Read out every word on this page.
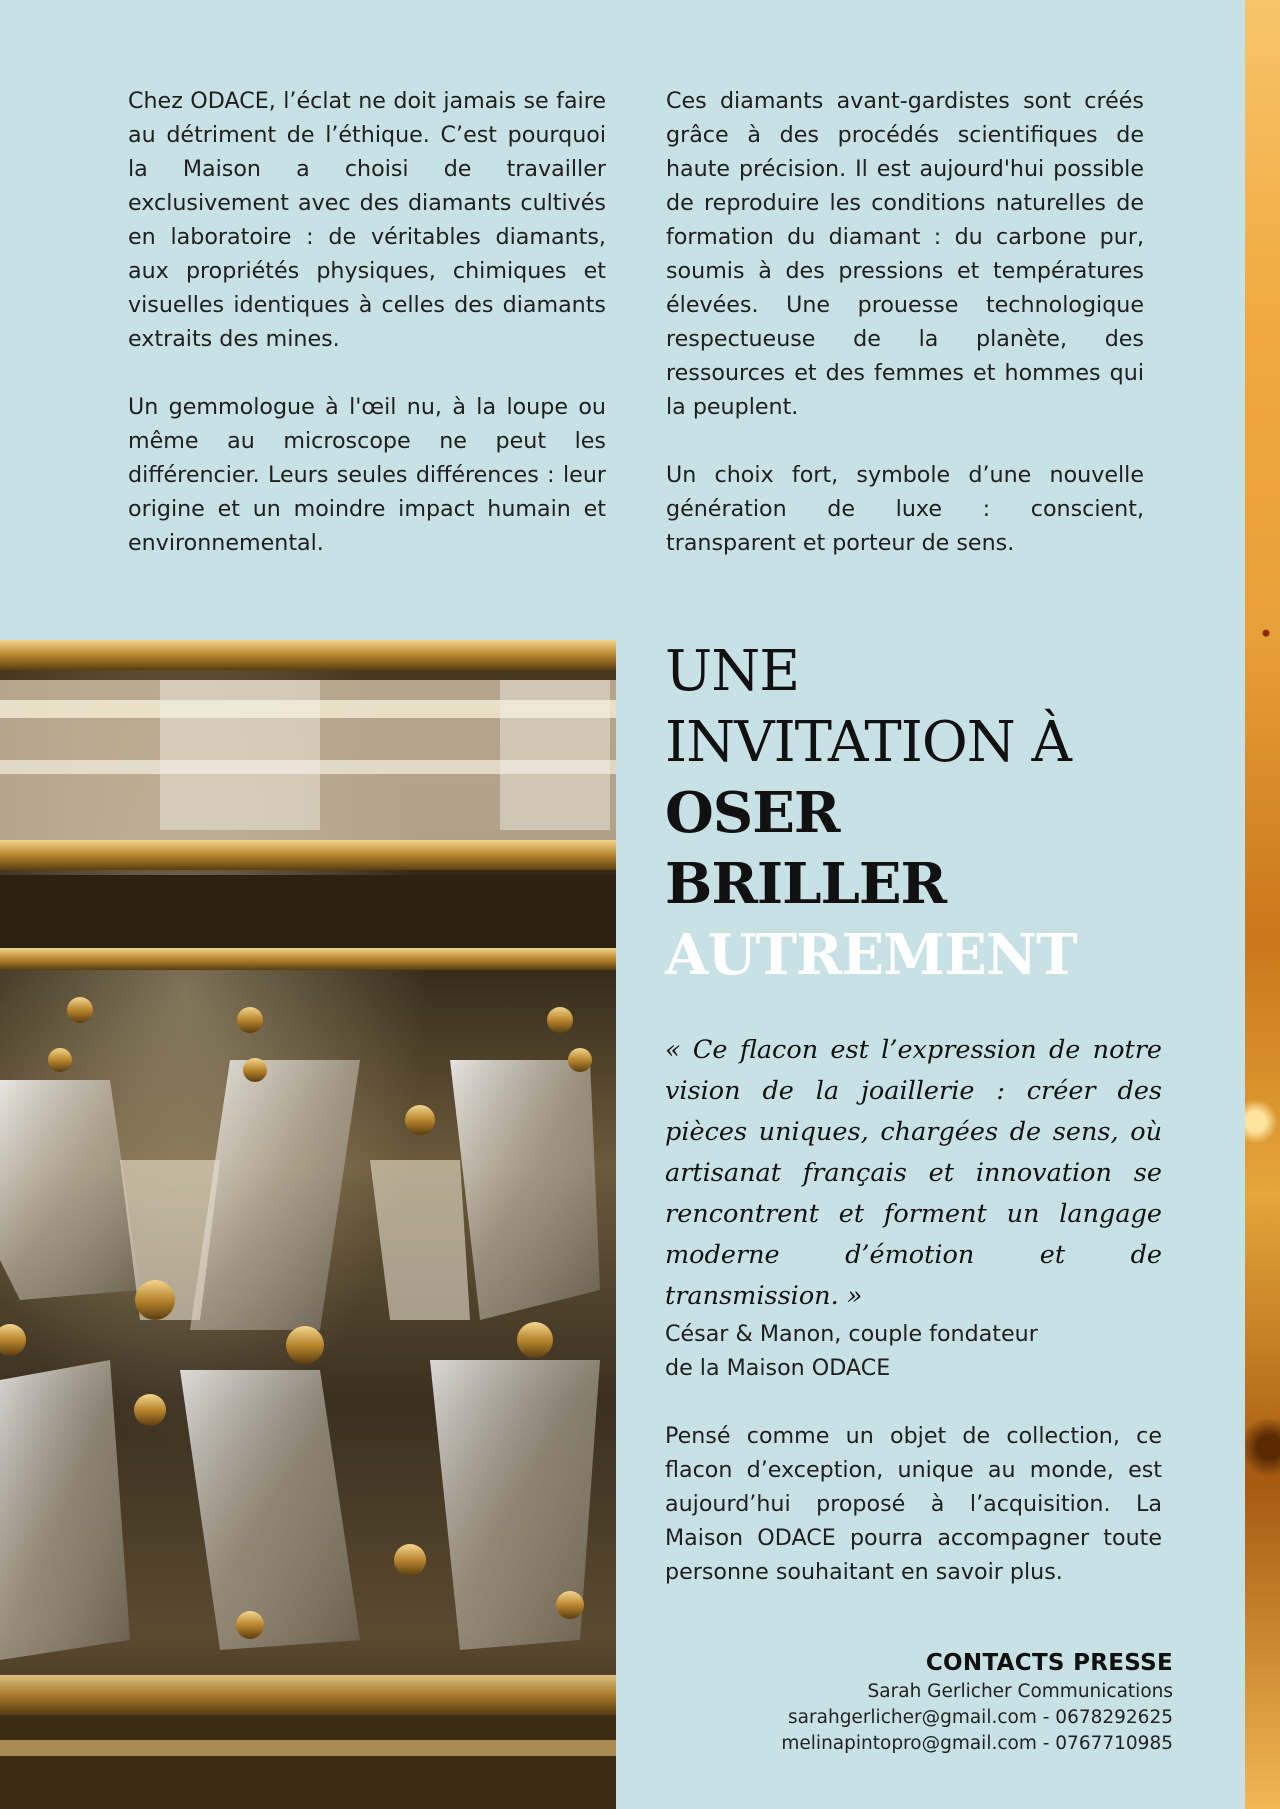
Chez ODACE, l’éclat ne doit jamais se faire au détriment de l’éthique. C’est pourquoi la Maison a choisi de travailler exclusivement avec des diamants cultivés en laboratoire : de véritables diamants, aux propriétés physiques, chimiques et visuelles identiques à celles des diamants extraits des mines.

Un gemmologue à l'œil nu, à la loupe ou même au microscope ne peut les différencier. Leurs seules différences : leur origine et un moindre impact humain et environnemental.

Ces diamants avant-gardistes sont créés grâce à des procédés scientifiques de haute précision. Il est aujourd'hui possible de reproduire les conditions naturelles de formation du diamant : du carbone pur, soumis à des pressions et températures élevées. Une prouesse technologique respectueuse de la planète, des ressources et des femmes et hommes qui la peuplent.

Un choix fort, symbole d’une nouvelle génération de luxe : conscient, transparent et porteur de sens.

UNE
INVITATION À
OSER
BRILLER
AUTREMENT
« Ce flacon est l’expression de notre vision de la joaillerie : créer des pièces uniques, chargées de sens, où artisanat français et innovation se rencontrent et forment un langage moderne d’émotion et de transmission. »
César & Manon, couple fondateur
de la Maison ODACE
Pensé comme un objet de collection, ce flacon d’exception, unique au monde, est aujourd’hui proposé à l’acquisition. La Maison ODACE pourra accompagner toute personne souhaitant en savoir plus.
CONTACTS PRESSE
Sarah Gerlicher Communications
sarahgerlicher@gmail.com - 0678292625
melinapintopro@gmail.com - 0767710985
